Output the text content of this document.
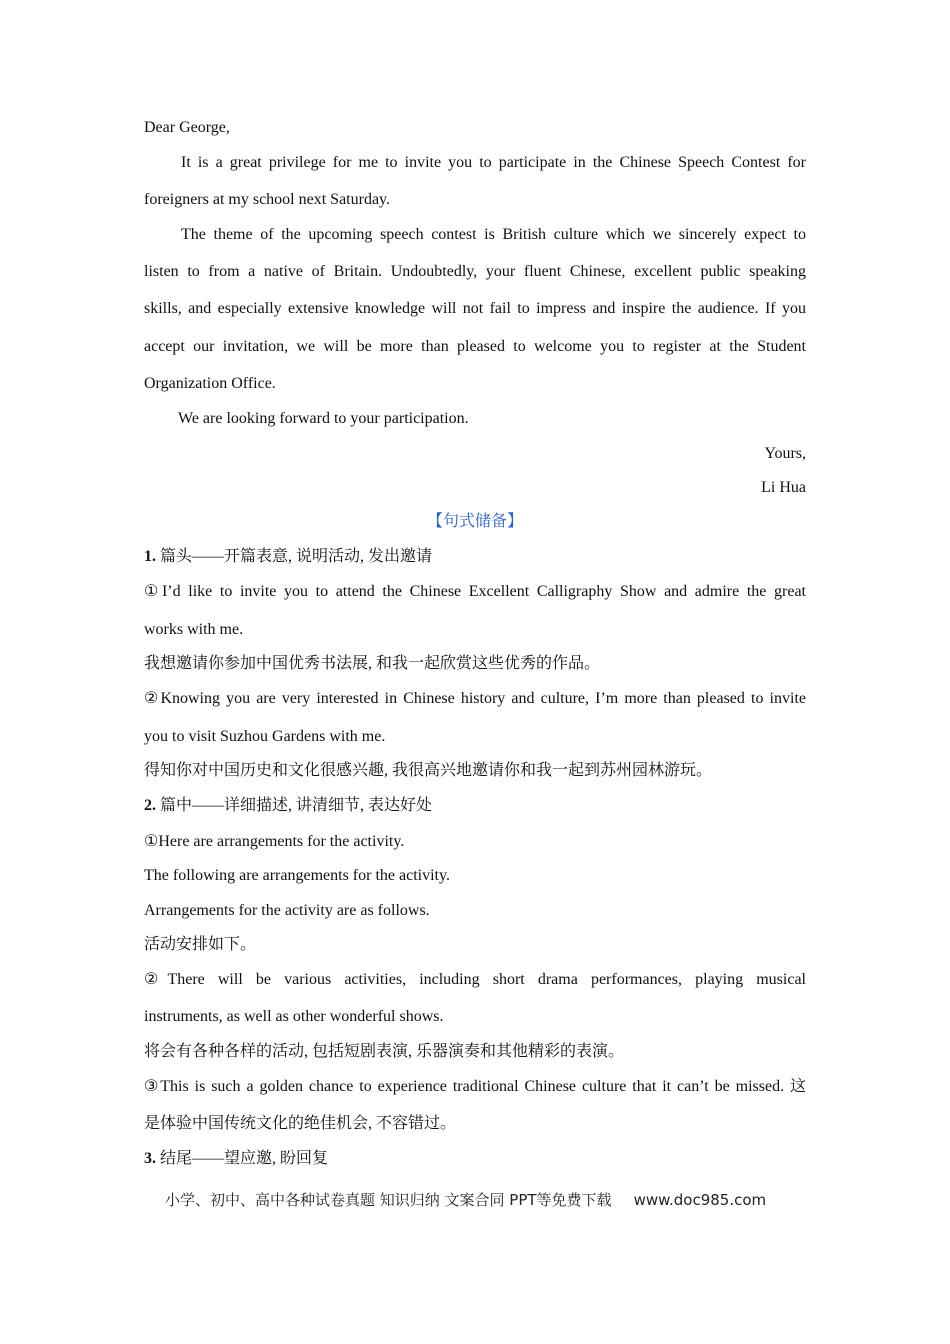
Dear George,
It is a great privilege for me to invite you to participate in the Chinese Speech Contest for
foreigners at my school next Saturday.
The theme of the upcoming speech contest is British culture which we sincerely expect to
listen to from a native of Britain. Undoubtedly, your fluent Chinese, excellent public speaking
skills, and especially extensive knowledge will not fail to impress and inspire the audience. If you
accept our invitation, we will be more than pleased to welcome you to register at the Student
Organization Office.
We are looking forward to your participation.
Yours,
Li Hua
【句式储备】
1. 篇头——开篇表意, 说明活动, 发出邀请
①I’d like to invite you to attend the Chinese Excellent Calligraphy Show and admire the great
works with me.
我想邀请你参加中国优秀书法展, 和我一起欣赏这些优秀的作品。
②Knowing you are very interested in Chinese history and culture, I’m more than pleased to invite
you to visit Suzhou Gardens with me.
得知你对中国历史和文化很感兴趣, 我很高兴地邀请你和我一起到苏州园林游玩。
2. 篇中——详细描述, 讲清细节, 表达好处
①Here are arrangements for the activity.
The following are arrangements for the activity.
Arrangements for the activity are as follows.
活动安排如下。
②There will be various activities, including short drama performances, playing musical
instruments, as well as other wonderful shows.
将会有各种各样的活动, 包括短剧表演, 乐器演奏和其他精彩的表演。
③This is such a golden chance to experience traditional Chinese culture that it can’t be missed. 这
是体验中国传统文化的绝佳机会, 不容错过。
3. 结尾——望应邀, 盼回复
小学、初中、高中各种试卷真题 知识归纳 文案合同 PPT等免费下载 www.doc985.com
